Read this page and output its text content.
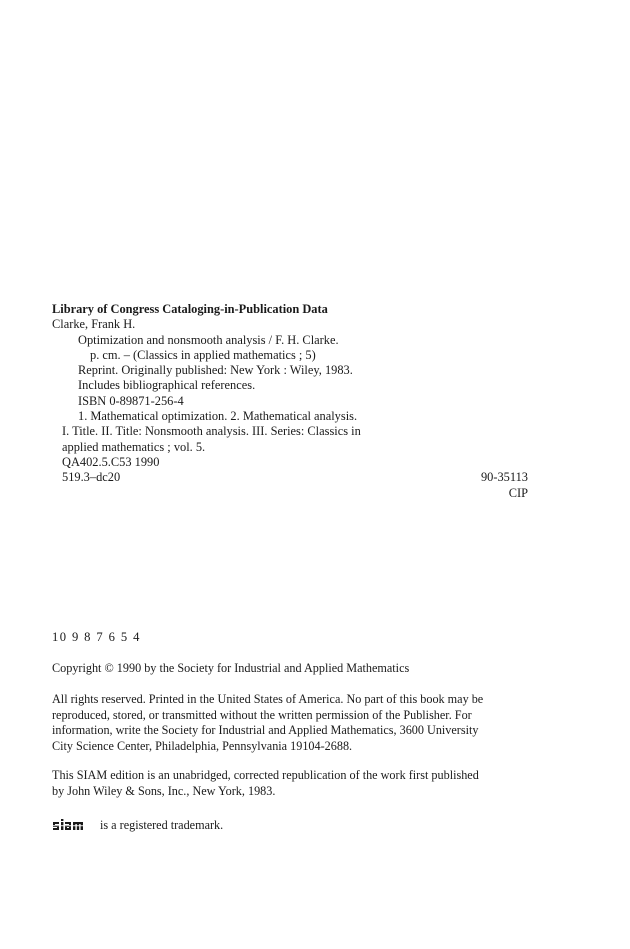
Library of Congress Cataloging-in-Publication Data
Clarke, Frank H.
Optimization and nonsmooth analysis / F. H. Clarke.
p. cm. – (Classics in applied mathematics ; 5)
Reprint. Originally published: New York : Wiley, 1983.
Includes bibliographical references.
ISBN 0-89871-256-4
1. Mathematical optimization. 2. Mathematical analysis.
I. Title. II. Title: Nonsmooth analysis. III. Series: Classics in
applied mathematics ; vol. 5.
QA402.5.C53 1990
519.3–dc20	90-35113
CIP
10 9 8 7 6 5 4
Copyright © 1990 by the Society for Industrial and Applied Mathematics
All rights reserved. Printed in the United States of America. No part of this book may be
reproduced, stored, or transmitted without the written permission of the Publisher. For
information, write the Society for Industrial and Applied Mathematics, 3600 University
City Science Center, Philadelphia, Pennsylvania 19104-2688.
This SIAM edition is an unabridged, corrected republication of the work first published
by John Wiley & Sons, Inc., New York, 1983.
is a registered trademark.
